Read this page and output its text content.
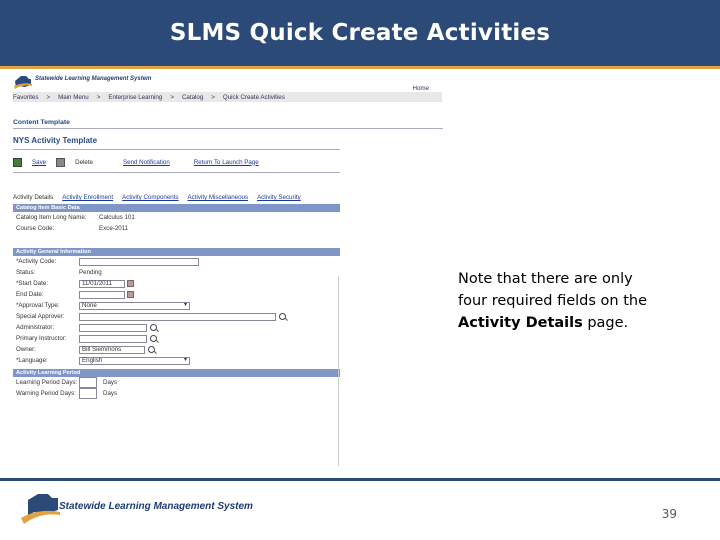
SLMS Quick Create Activities
Statewide Learning Management System
Home
Favorites > Main Menu > Enterprise Learning > Catalog > Quick Create Activities
Content Template
NYS Activity Template
Save	Delete	Send Notification	Return To Launch Page
Activity Details Activity Enrollment Activity Components Activity Miscellaneous Activity Security
Catalog Item Basic Data
Catalog Item Long Name:	Calculus 101
Course Code:	Exce-2011
Activity General Information
*Activity Code:
Status:	Pending
*Start Date:	11/01/2011
End Date:
*Approval Type:	None ▾
Special Approver:
Administrator:
Primary Instructor:
Owner:	Bill Siemmons
*Language:	English ▾
Activity Learning Period
Learning Period Days:	Days
Warning Period Days:	Days
Note that there are only
four required fields on the
Activity Details page.
Statewide Learning Management System
39
